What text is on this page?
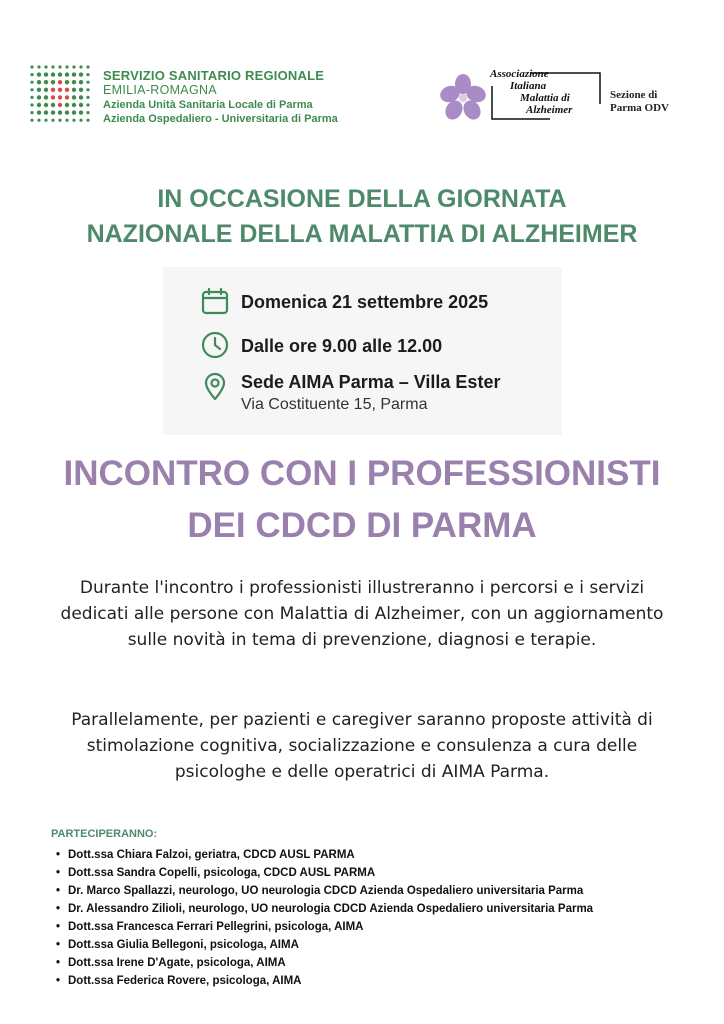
SERVIZIO SANITARIO REGIONALE
EMILIA-ROMAGNA
Azienda Unità Sanitaria Locale di Parma
Azienda Ospedaliero - Universitaria di Parma
Associazione
Italiana
Malattia di
Alzheimer
Sezione di
Parma ODV
IN OCCASIONE DELLA GIORNATA
NAZIONALE DELLA MALATTIA DI ALZHEIMER
Domenica 21 settembre 2025
Dalle ore 9.00 alle 12.00
Sede AIMA Parma – Villa Ester
Via Costituente 15, Parma
INCONTRO CON I PROFESSIONISTI
DEI CDCD DI PARMA
Durante l'incontro i professionisti illustreranno i percorsi e i servizi dedicati alle persone con Malattia di Alzheimer, con un aggiornamento sulle novità in tema di prevenzione, diagnosi e terapie.
Parallelamente, per pazienti e caregiver saranno proposte attività di stimolazione cognitiva, socializzazione e consulenza a cura delle psicologhe e delle operatrici di AIMA Parma.
PARTECIPERANNO:
• Dott.ssa Chiara Falzoi, geriatra, CDCD AUSL PARMA
• Dott.ssa Sandra Copelli, psicologa, CDCD AUSL PARMA
• Dr. Marco Spallazzi, neurologo, UO neurologia CDCD Azienda Ospedaliero universitaria Parma
• Dr. Alessandro Zilioli, neurologo, UO neurologia CDCD Azienda Ospedaliero universitaria Parma
• Dott.ssa Francesca Ferrari Pellegrini, psicologa, AIMA
• Dott.ssa Giulia Bellegoni, psicologa, AIMA
• Dott.ssa Irene D'Agate, psicologa, AIMA
• Dott.ssa Federica Rovere, psicologa, AIMA
